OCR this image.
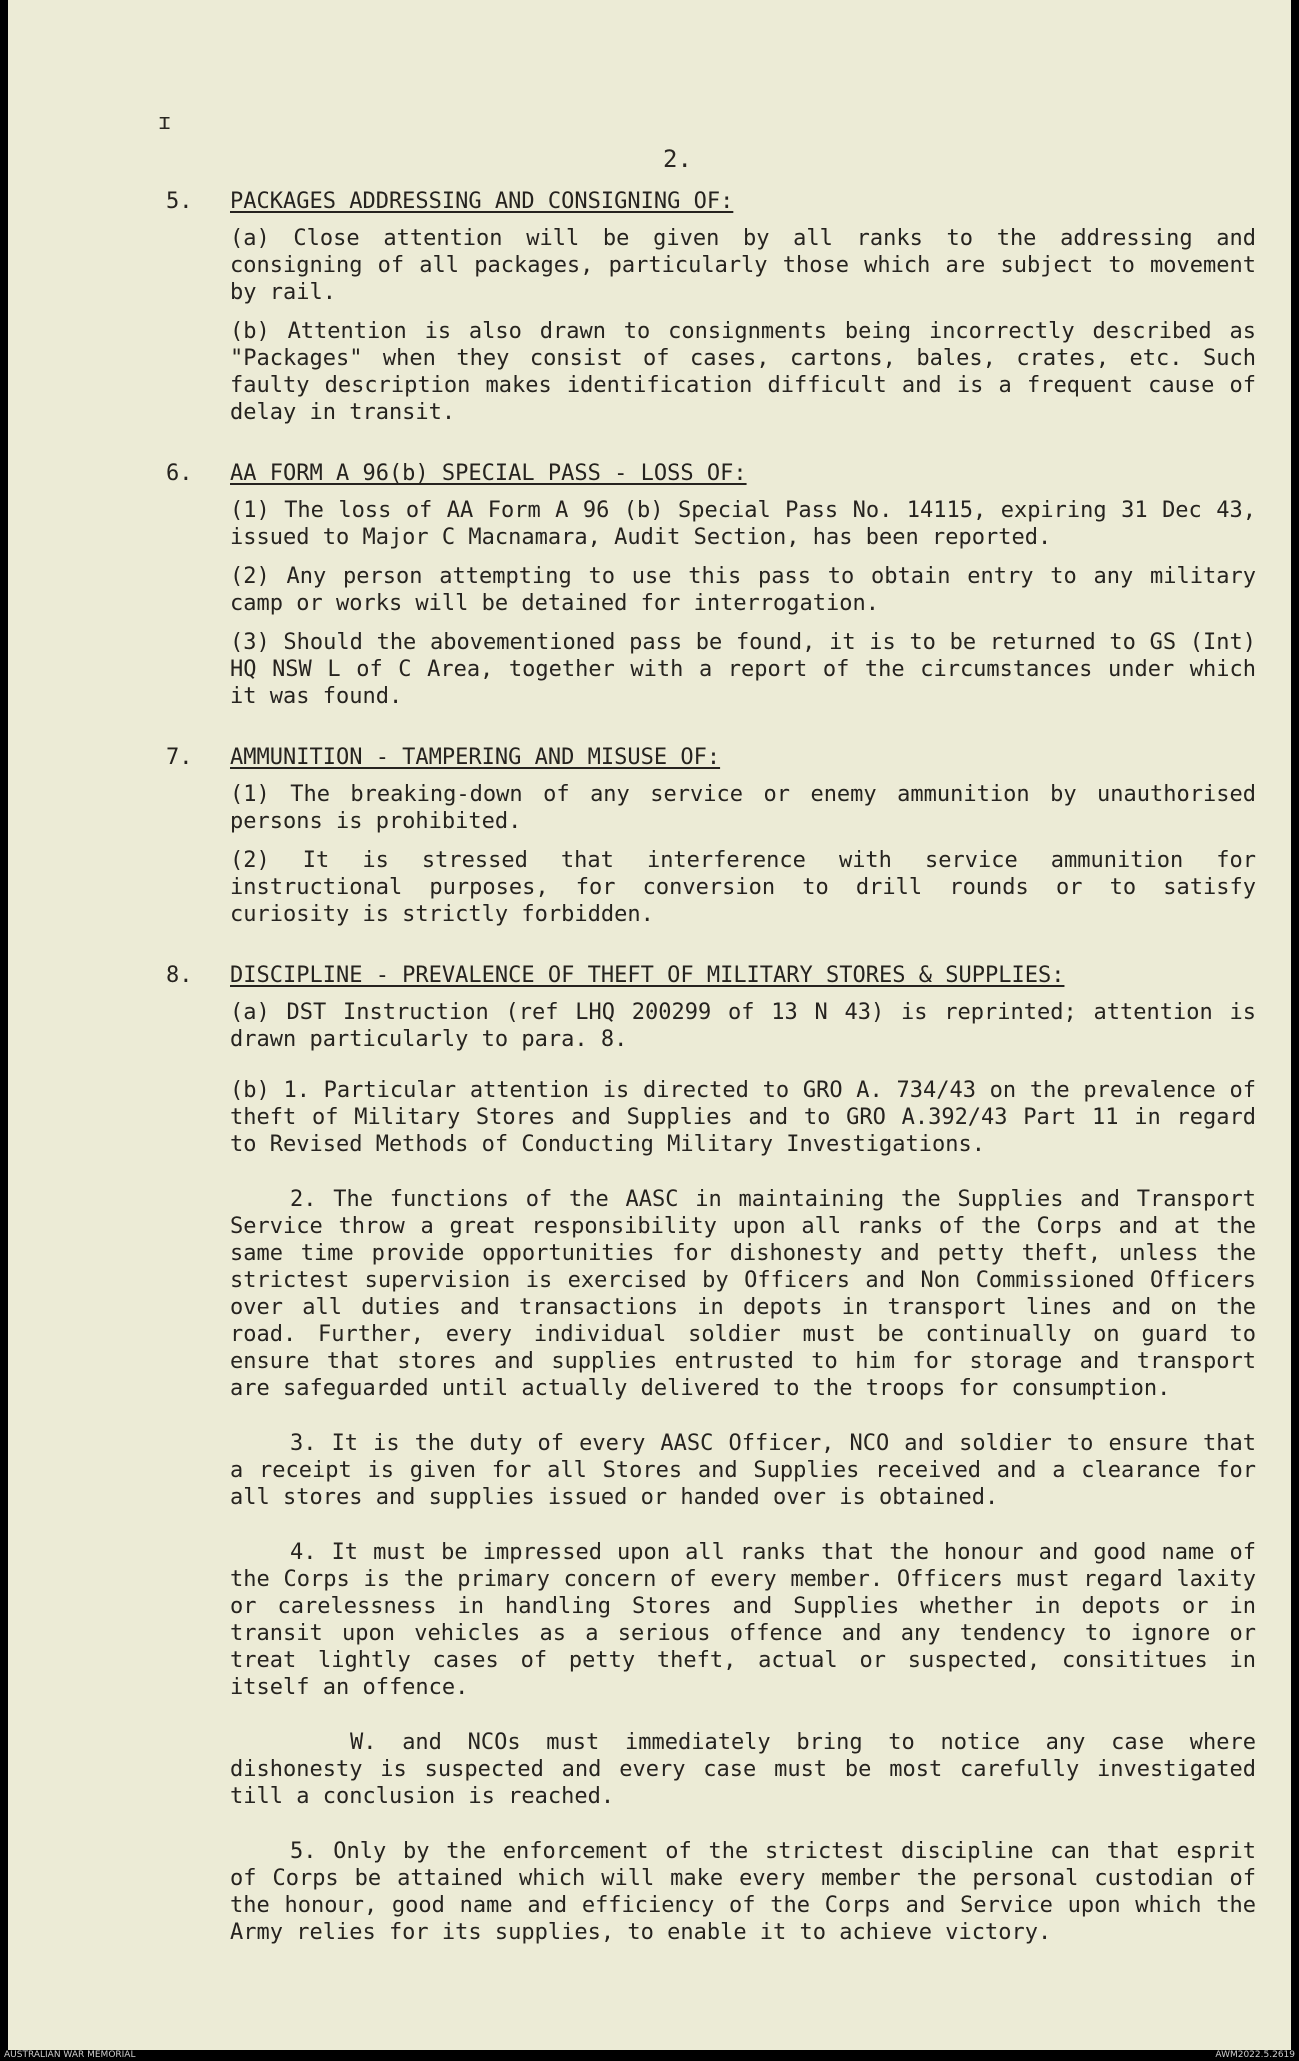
ɪ
2.
5. PACKAGES ADDRESSING AND CONSIGNING OF:

(a) Close attention will be given by all ranks to the addressing and consigning of all packages, particularly those which are subject to movement by rail.

(b) Attention is also drawn to consignments being incorrectly described as "Packages" when they consist of cases, cartons, bales, crates, etc. Such faulty description makes identification difficult and is a frequent cause of delay in transit.

6. AA FORM A 96(b) SPECIAL PASS - LOSS OF:

(1) The loss of AA Form A 96 (b) Special Pass No. 14115, expiring 31 Dec 43, issued to Major C Macnamara, Audit Section, has been reported.

(2) Any person attempting to use this pass to obtain entry to any military camp or works will be detained for interrogation.

(3) Should the abovementioned pass be found, it is to be returned to GS (Int) HQ NSW L of C Area, together with a report of the circumstances under which it was found.

7. AMMUNITION - TAMPERING AND MISUSE OF:

(1) The breaking-down of any service or enemy ammunition by unauthorised persons is prohibited.

(2) It is stressed that interference with service ammunition for instructional purposes, for conversion to drill rounds or to satisfy curiosity is strictly forbidden.

8. DISCIPLINE - PREVALENCE OF THEFT OF MILITARY STORES & SUPPLIES:

(a) DST Instruction (ref LHQ 200299 of 13 N 43) is reprinted; attention is drawn particularly to para. 8.

(b) 1. Particular attention is directed to GRO A. 734/43 on the prevalence of theft of Military Stores and Supplies and to GRO A.392/43 Part 11 in regard to Revised Methods of Conducting Military Investigations.

2. The functions of the AASC in maintaining the Supplies and Transport Service throw a great responsibility upon all ranks of the Corps and at the same time provide opportunities for dishonesty and petty theft, unless the strictest supervision is exercised by Officers and Non Commissioned Officers over all duties and transactions in depots in transport lines and on the road. Further, every individual soldier must be continually on guard to ensure that stores and supplies entrusted to him for storage and transport are safeguarded until actually delivered to the troops for consumption.

3. It is the duty of every AASC Officer, NCO and soldier to ensure that a receipt is given for all Stores and Supplies received and a clearance for all stores and supplies issued or handed over is obtained.

4. It must be impressed upon all ranks that the honour and good name of the Corps is the primary concern of every member. Officers must regard laxity or carelessness in handling Stores and Supplies whether in depots or in transit upon vehicles as a serious offence and any tendency to ignore or treat lightly cases of petty theft, actual or suspected, consititues in itself an offence.

W. and NCOs must immediately bring to notice any case where dishonesty is suspected and every case must be most carefully investigated till a conclusion is reached.

5. Only by the enforcement of the strictest discipline can that esprit of Corps be attained which will make every member the personal custodian of the honour, good name and efficiency of the Corps and Service upon which the Army relies for its supplies, to enable it to achieve victory.

AUSTRALIAN WAR MEMORIAL	AWM2022.5.2619
